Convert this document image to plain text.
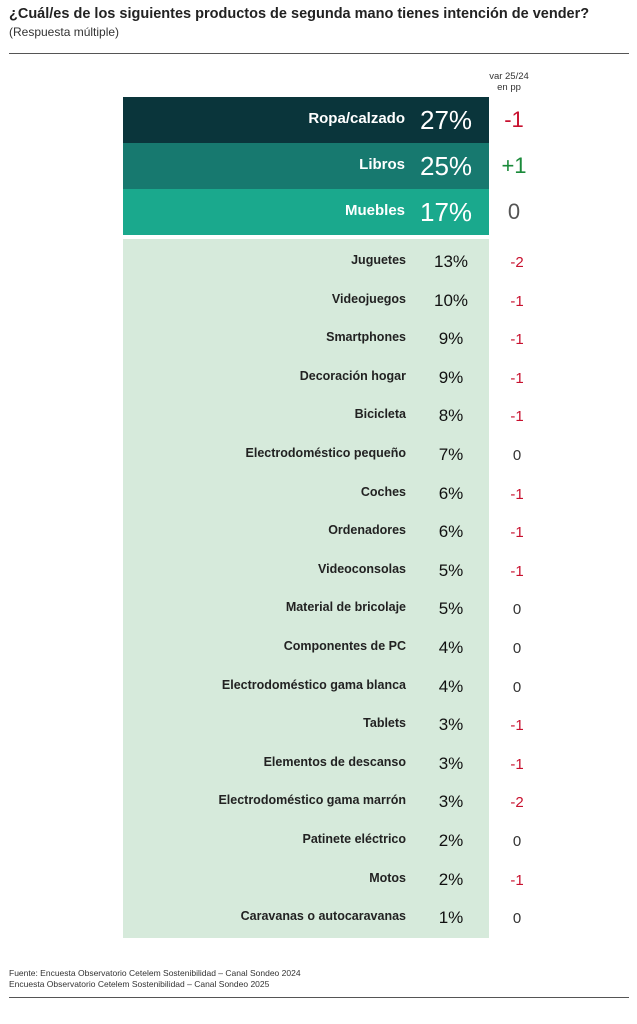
¿Cuál/es de los siguientes productos de segunda mano tienes intención de vender?
(Respuesta múltiple)
var 25/24
en pp
Ropa/calzado 27%	-1
Libros 25% +1
Muebles 17%	0
Juguetes	13%	-2
Videojuegos	10%	-1
Smartphones	9%	-1
Decoración hogar	9%	-1
Bicicleta	8%	-1
Electrodoméstico pequeño	7%	0
Coches	6%	-1
Ordenadores	6%	-1
Videoconsolas	5%	-1
Material de bricolaje	5%	0
Componentes de PC	4%	0
Electrodoméstico gama blanca	4%	0
Tablets	3%	-1
Elementos de descanso	3%	-1
Electrodoméstico gama marrón	3%	-2
Patinete eléctrico	2%	0
Motos	2%	-1
Caravanas o autocaravanas	1%	0
Fuente: Encuesta Observatorio Cetelem Sostenibilidad – Canal Sondeo 2024
Encuesta Observatorio Cetelem Sostenibilidad – Canal Sondeo 2025
